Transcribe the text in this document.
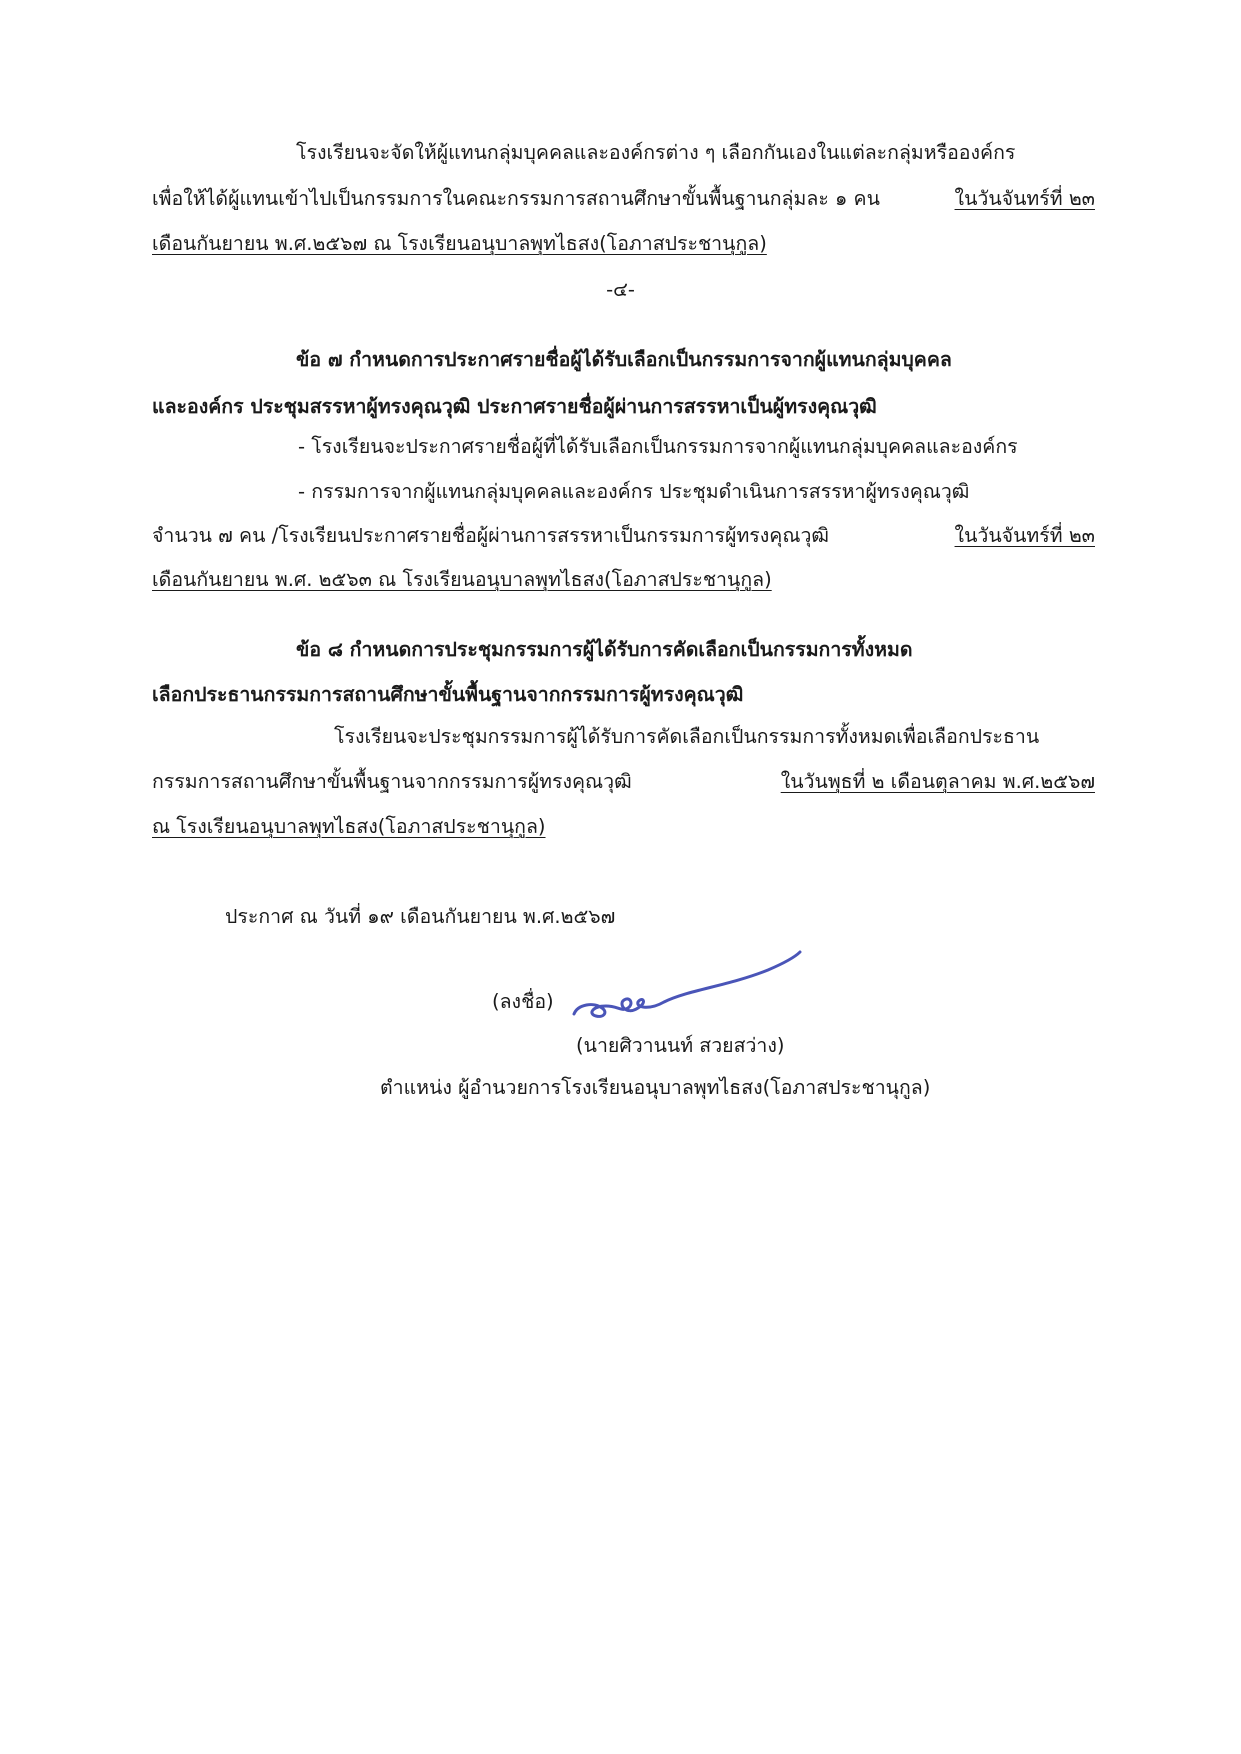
โรงเรียนจะจัดให้ผู้แทนกลุ่มบุคคลและองค์กรต่าง ๆ เลือกกันเองในแต่ละกลุ่มหรือองค์กร
เพื่อให้ได้ผู้แทนเข้าไปเป็นกรรมการในคณะกรรมการสถานศึกษาขั้นพื้นฐานกลุ่มละ ๑ คน	ในวันจันทร์ที่ ๒๓
เดือนกันยายน พ.ศ.๒๕๖๗ ณ โรงเรียนอนุบาลพุทไธสง(โอภาสประชานุกูล)
-๔-
ข้อ ๗ กำหนดการประกาศรายชื่อผู้ได้รับเลือกเป็นกรรมการจากผู้แทนกลุ่มบุคคล
และองค์กร ประชุมสรรหาผู้ทรงคุณวุฒิ ประกาศรายชื่อผู้ผ่านการสรรหาเป็นผู้ทรงคุณวุฒิ
- โรงเรียนจะประกาศรายชื่อผู้ที่ได้รับเลือกเป็นกรรมการจากผู้แทนกลุ่มบุคคลและองค์กร
- กรรมการจากผู้แทนกลุ่มบุคคลและองค์กร ประชุมดำเนินการสรรหาผู้ทรงคุณวุฒิ
จำนวน ๗ คน /โรงเรียนประกาศรายชื่อผู้ผ่านการสรรหาเป็นกรรมการผู้ทรงคุณวุฒิ	ในวันจันทร์ที่ ๒๓
เดือนกันยายน พ.ศ. ๒๕๖๓ ณ โรงเรียนอนุบาลพุทไธสง(โอภาสประชานุกูล)
ข้อ ๘ กำหนดการประชุมกรรมการผู้ได้รับการคัดเลือกเป็นกรรมการทั้งหมด
เลือกประธานกรรมการสถานศึกษาขั้นพื้นฐานจากกรรมการผู้ทรงคุณวุฒิ
โรงเรียนจะประชุมกรรมการผู้ได้รับการคัดเลือกเป็นกรรมการทั้งหมดเพื่อเลือกประธาน
กรรมการสถานศึกษาขั้นพื้นฐานจากกรรมการผู้ทรงคุณวุฒิ	ในวันพุธที่ ๒ เดือนตุลาคม พ.ศ.๒๕๖๗
ณ โรงเรียนอนุบาลพุทไธสง(โอภาสประชานุกูล)
ประกาศ ณ วันที่ ๑๙ เดือนกันยายน พ.ศ.๒๕๖๗
(ลงชื่อ)
(นายศิวานนท์ สวยสว่าง)
ตำแหน่ง ผู้อำนวยการโรงเรียนอนุบาลพุทไธสง(โอภาสประชานุกูล)
